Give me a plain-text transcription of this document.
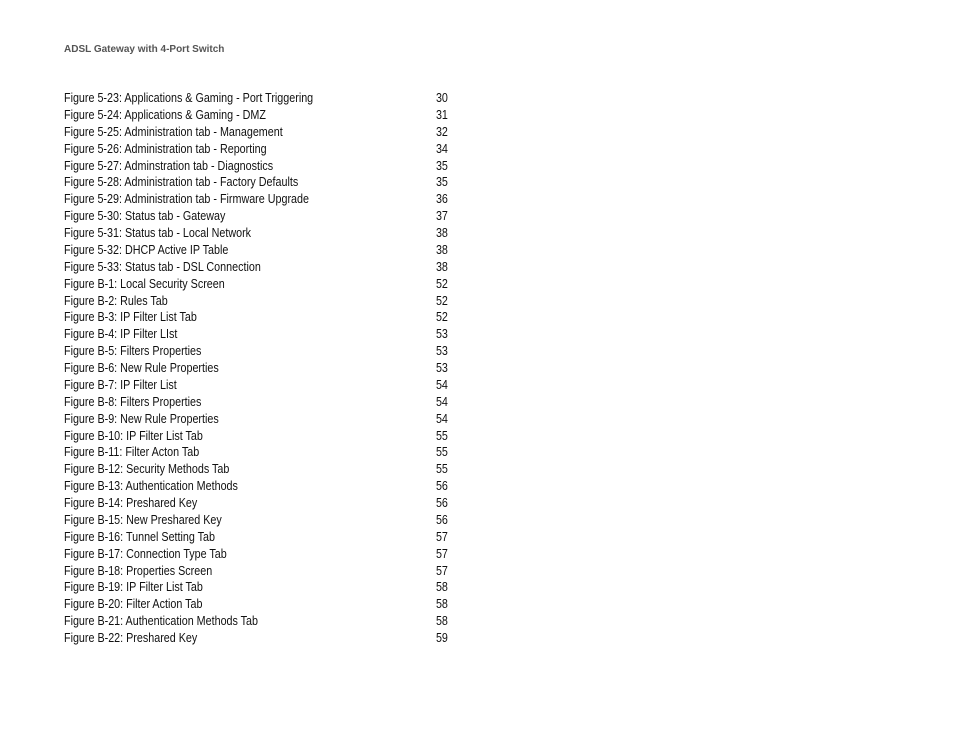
ADSL Gateway with 4-Port Switch
Figure 5-23: Applications & Gaming - Port Triggering	30
Figure 5-24: Applications & Gaming - DMZ	31
Figure 5-25: Administration tab - Management	32
Figure 5-26: Administration tab - Reporting	34
Figure 5-27: Adminstration tab - Diagnostics	35
Figure 5-28: Administration tab - Factory Defaults	35
Figure 5-29: Administration tab - Firmware Upgrade	36
Figure 5-30: Status tab - Gateway	37
Figure 5-31: Status tab - Local Network	38
Figure 5-32: DHCP Active IP Table	38
Figure 5-33: Status tab - DSL Connection	38
Figure B-1: Local Security Screen	52
Figure B-2: Rules Tab	52
Figure B-3: IP Filter List Tab	52
Figure B-4: IP Filter LIst	53
Figure B-5: Filters Properties	53
Figure B-6: New Rule Properties	53
Figure B-7: IP Filter List	54
Figure B-8: Filters Properties	54
Figure B-9: New Rule Properties	54
Figure B-10: IP Filter List Tab	55
Figure B-11: Filter Acton Tab	55
Figure B-12: Security Methods Tab	55
Figure B-13: Authentication Methods	56
Figure B-14: Preshared Key	56
Figure B-15: New Preshared Key	56
Figure B-16: Tunnel Setting Tab	57
Figure B-17: Connection Type Tab	57
Figure B-18: Properties Screen	57
Figure B-19: IP Filter List Tab	58
Figure B-20: Filter Action Tab	58
Figure B-21: Authentication Methods Tab	58
Figure B-22: Preshared Key	59
